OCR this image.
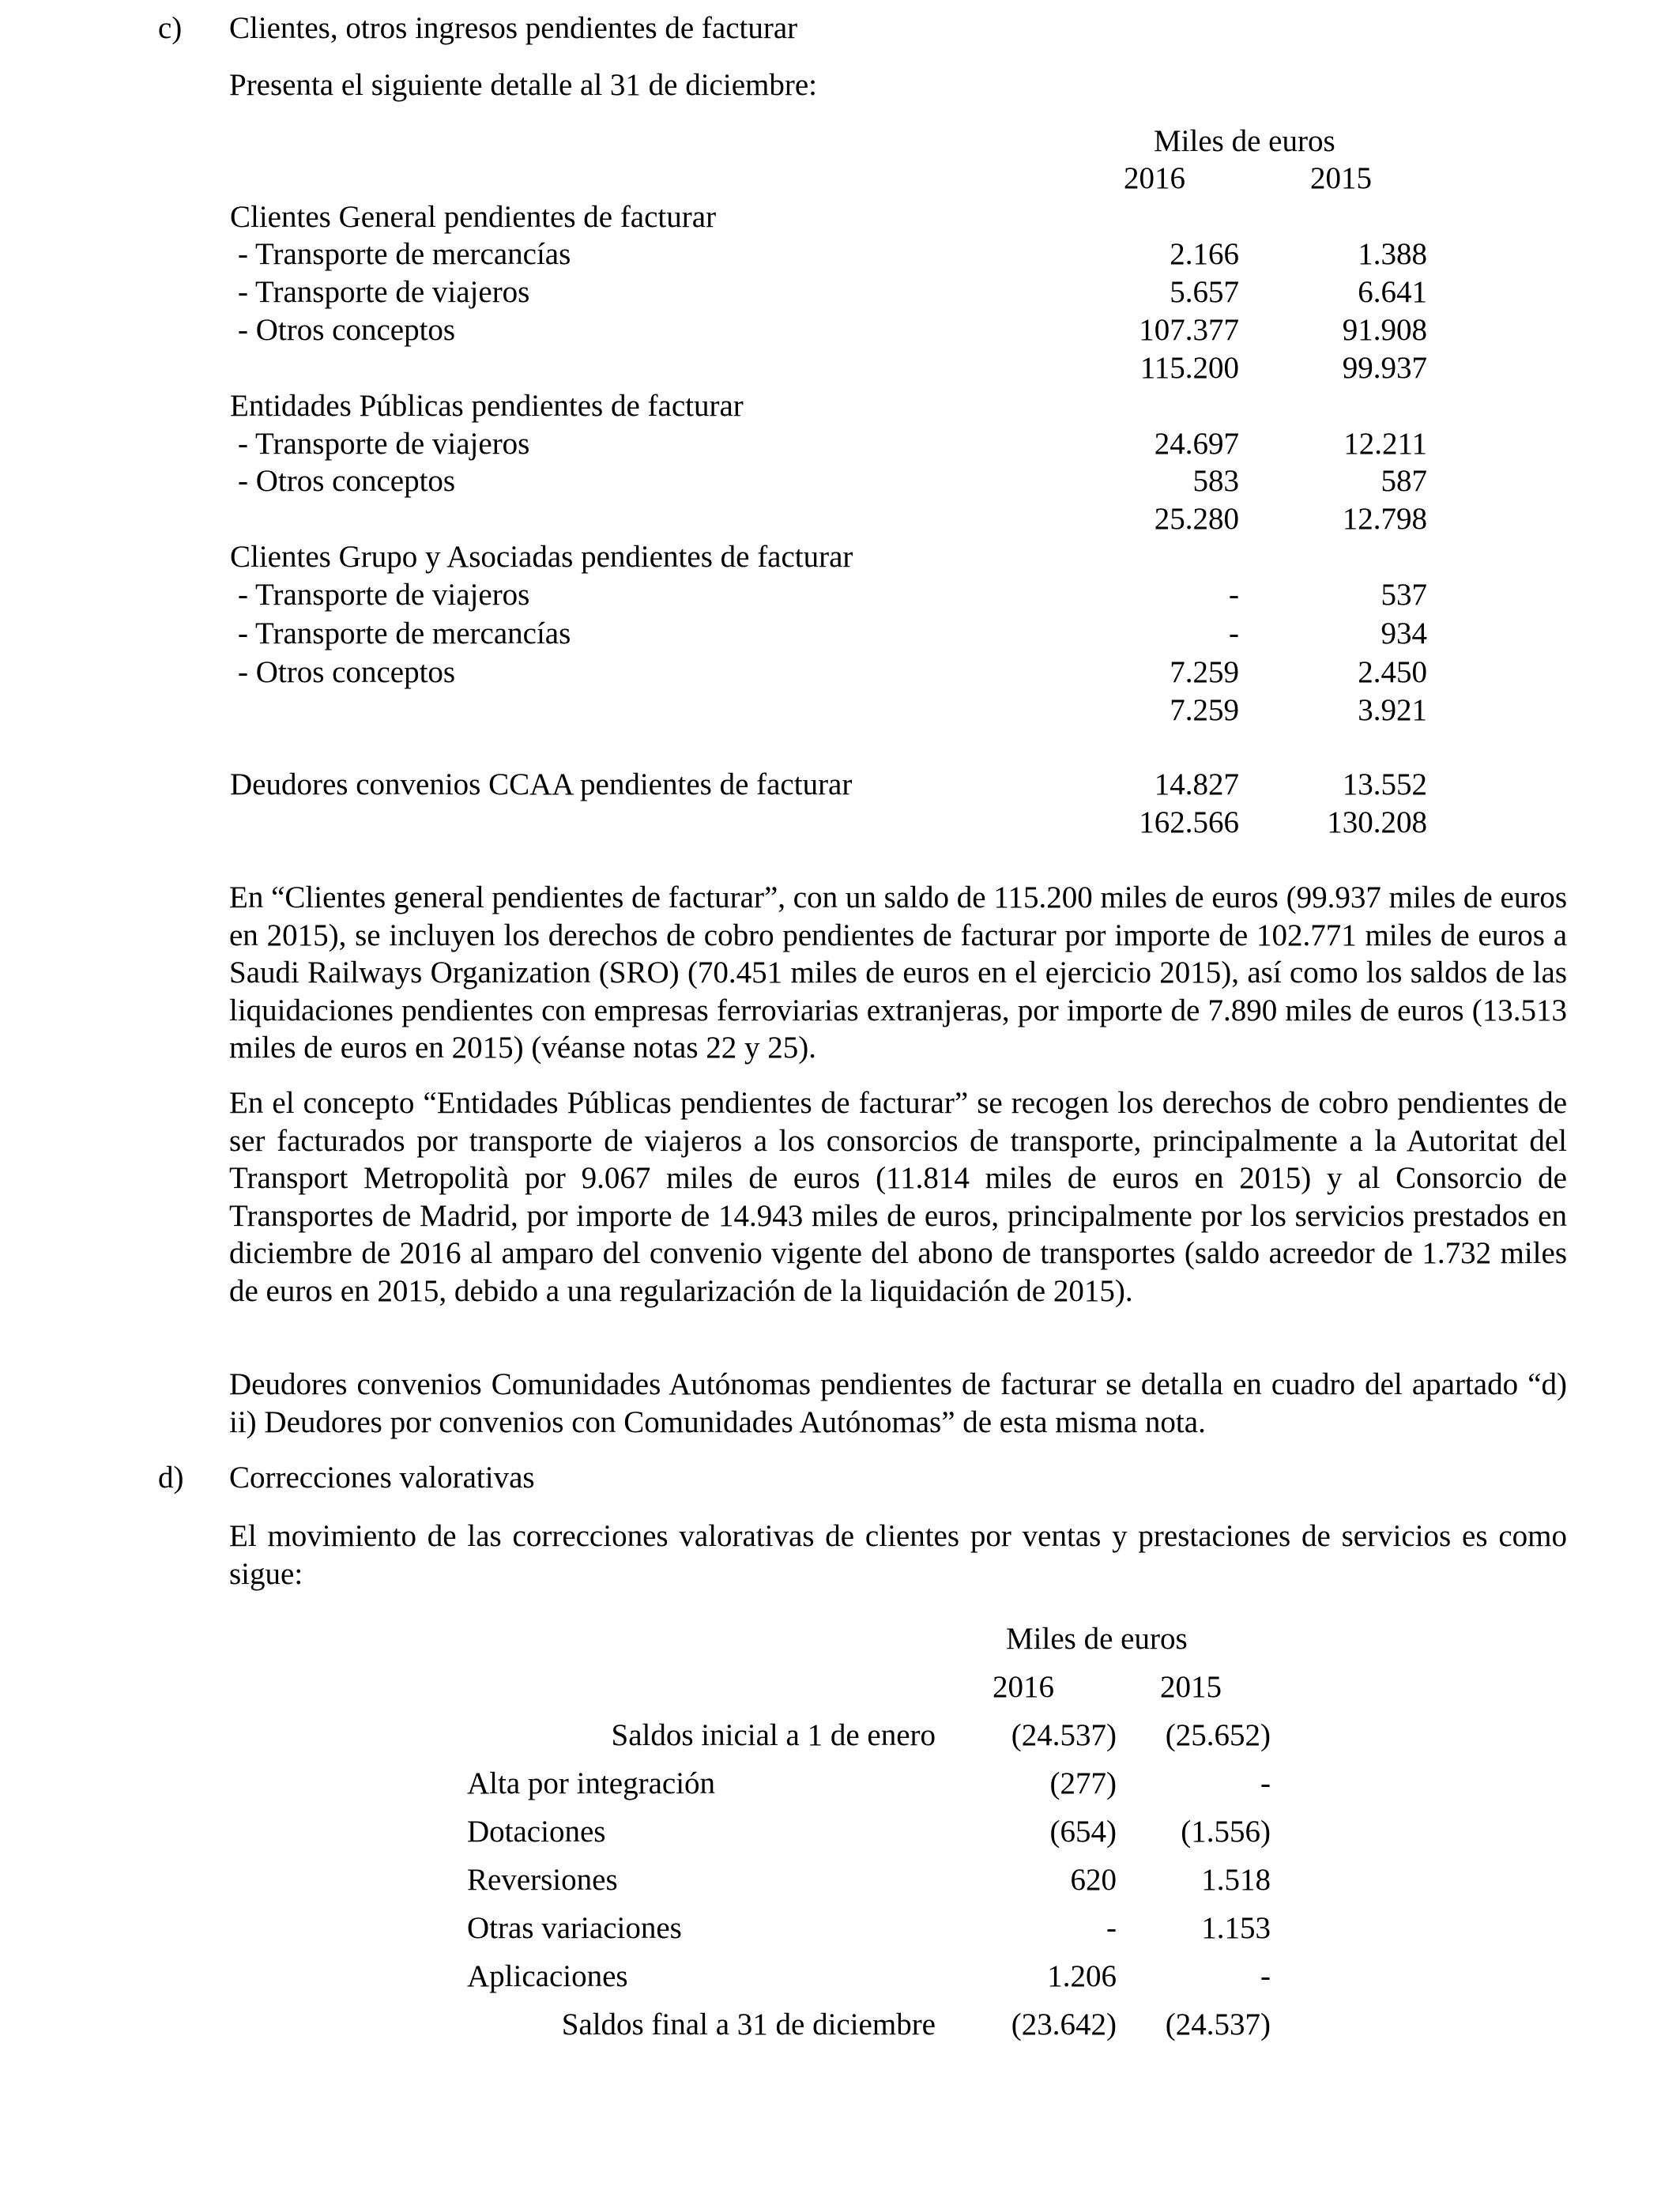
c) Clientes, otros ingresos pendientes de facturar
Presenta el siguiente detalle al 31 de diciembre:
Miles de euros
2016	2015
Clientes General pendientes de facturar
- Transporte de mercancías	2.166	1.388
- Transporte de viajeros	5.657	6.641
- Otros conceptos	107.377	91.908
115.200	99.937
Entidades Públicas pendientes de facturar
- Transporte de viajeros	24.697	12.211
- Otros conceptos	583	587
25.280	12.798
Clientes Grupo y Asociadas pendientes de facturar
- Transporte de viajeros	-	537
- Transporte de mercancías	-	934
- Otros conceptos	7.259	2.450
7.259	3.921
Deudores convenios CCAA pendientes de facturar	14.827	13.552
162.566	130.208
En “Clientes general pendientes de facturar”, con un saldo de 115.200 miles de euros (99.937 miles de euros en 2015), se incluyen los derechos de cobro pendientes de facturar por importe de 102.771 miles de euros a Saudi Railways Organization (SRO) (70.451 miles de euros en el ejercicio 2015), así como los saldos de las liquidaciones pendientes con empresas ferroviarias extranjeras, por importe de 7.890 miles de euros (13.513 miles de euros en 2015) (véanse notas 22 y 25).
En el concepto “Entidades Públicas pendientes de facturar” se recogen los derechos de cobro pendientes de ser facturados por transporte de viajeros a los consorcios de transporte, principalmente a la Autoritat del Transport Metropolità por 9.067 miles de euros (11.814 miles de euros en 2015) y al Consorcio de Transportes de Madrid, por importe de 14.943 miles de euros, principalmente por los servicios prestados en diciembre de 2016 al amparo del convenio vigente del abono de transportes (saldo acreedor de 1.732 miles de euros en 2015, debido a una regularización de la liquidación de 2015).
Deudores convenios Comunidades Autónomas pendientes de facturar se detalla en cuadro del apartado “d) ii) Deudores por convenios con Comunidades Autónomas” de esta misma nota.
d) Correcciones valorativas
El movimiento de las correcciones valorativas de clientes por ventas y prestaciones de servicios es como sigue:
Miles de euros
2016	2015
Saldos inicial a 1 de enero (24.537) (25.652)
Alta por integración	(277)	-
Dotaciones	(654) (1.556)
Reversiones	620	1.518
Otras variaciones	-	1.153
Aplicaciones	1.206	-
Saldos final a 31 de diciembre (23.642) (24.537)
